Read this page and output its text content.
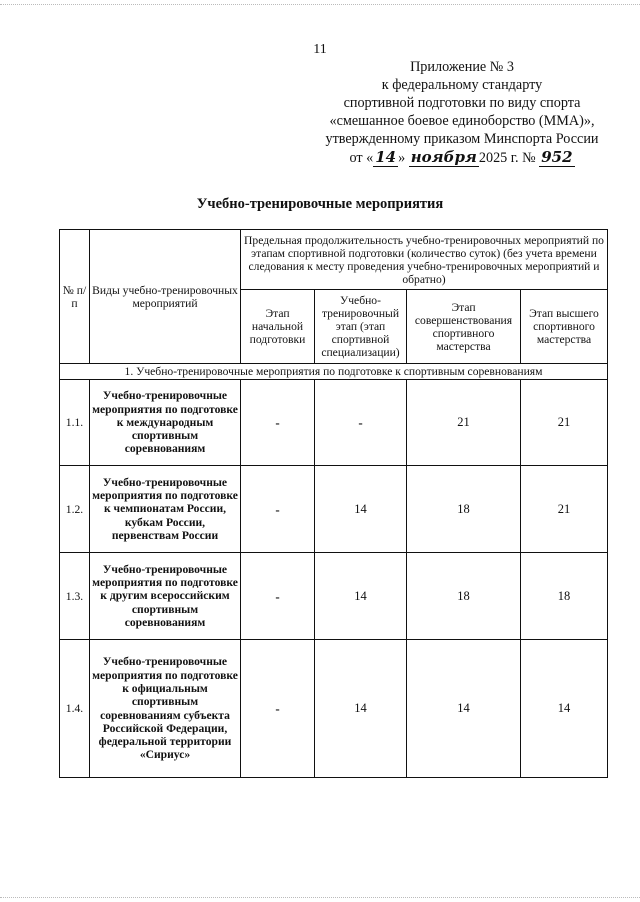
11
Приложение № 3
к федеральному стандарту
спортивной подготовки по виду спорта
«смешанное боевое единоборство (ММА)»,
утвержденному приказом Минспорта России
от « 14 » ноября 2025 г. № 952
Учебно-тренировочные мероприятия
№ п/п	Виды учебно-тренировочных мероприятий	Предельная продолжительность учебно-тренировочных мероприятий по этапам спортивной подготовки (количество суток) (без учета времени следования к месту проведения учебно-тренировочных мероприятий и обратно)			
		Этап начальной подготовки	Учебно-тренировочный этап (этап спортивной специализации)	Этап совершенствования спортивного мастерства	Этап высшего спортивного мастерства
1. Учебно-тренировочные мероприятия по подготовке к спортивным соревнованиям					
1.1.	Учебно-тренировочные мероприятия по подготовке к международным спортивным соревнованиям	-	-	21	21
1.2.	Учебно-тренировочные мероприятия по подготовке к чемпионатам России, кубкам России, первенствам России	-	14	18	21
1.3.	Учебно-тренировочные мероприятия по подготовке к другим всероссийским спортивным соревнованиям	-	14	18	18
1.4.	Учебно-тренировочные мероприятия по подготовке к официальным спортивным соревнованиям субъекта Российской Федерации, федеральной территории «Сириус»	-	14	14	14
